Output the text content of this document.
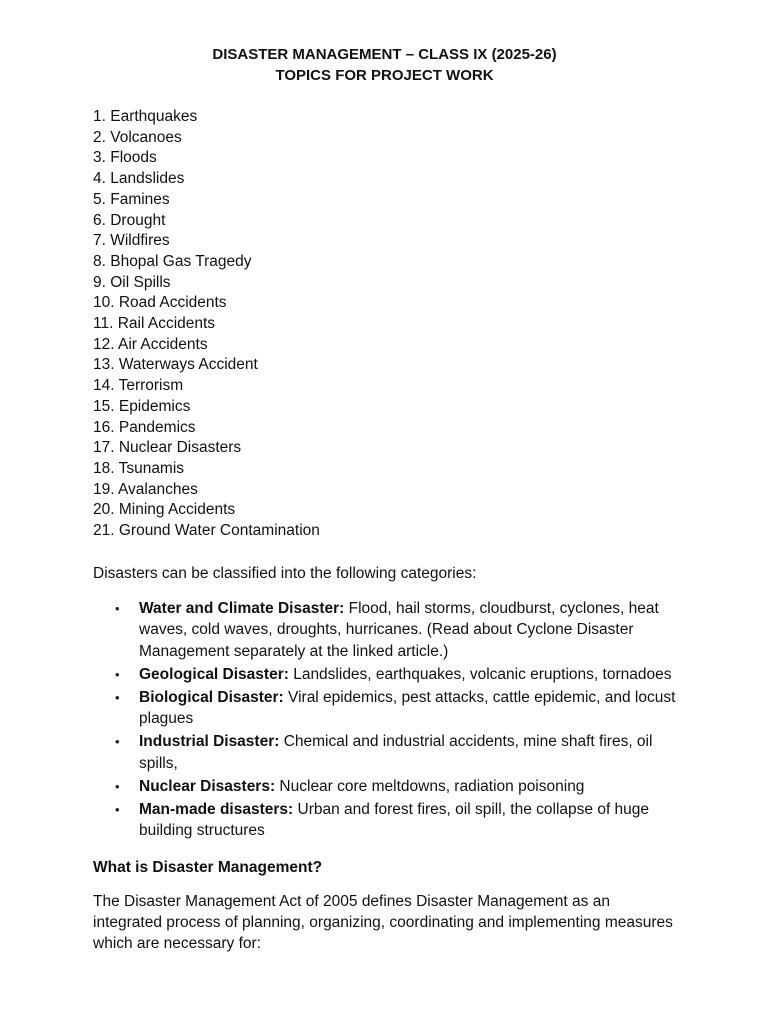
DISASTER MANAGEMENT – CLASS IX (2025-26)
TOPICS FOR PROJECT WORK
1. Earthquakes
2. Volcanoes
3. Floods
4. Landslides
5. Famines
6. Drought
7. Wildfires
8. Bhopal Gas Tragedy
9. Oil Spills
10. Road Accidents
11. Rail Accidents
12. Air Accidents
13. Waterways Accident
14. Terrorism
15. Epidemics
16. Pandemics
17. Nuclear Disasters
18. Tsunamis
19. Avalanches
20. Mining Accidents
21. Ground Water Contamination

Disasters can be classified into the following categories:

• Water and Climate Disaster: Flood, hail storms, cloudburst, cyclones, heat waves, cold waves, droughts, hurricanes. (Read about Cyclone Disaster Management separately at the linked article.)
• Geological Disaster: Landslides, earthquakes, volcanic eruptions, tornadoes
• Biological Disaster: Viral epidemics, pest attacks, cattle epidemic, and locust plagues
• Industrial Disaster: Chemical and industrial accidents, mine shaft fires, oil spills,
• Nuclear Disasters: Nuclear core meltdowns, radiation poisoning
• Man-made disasters: Urban and forest fires, oil spill, the collapse of huge building structures
What is Disaster Management?

The Disaster Management Act of 2005 defines Disaster Management as an integrated process of planning, organizing, coordinating and implementing measures which are necessary for:
